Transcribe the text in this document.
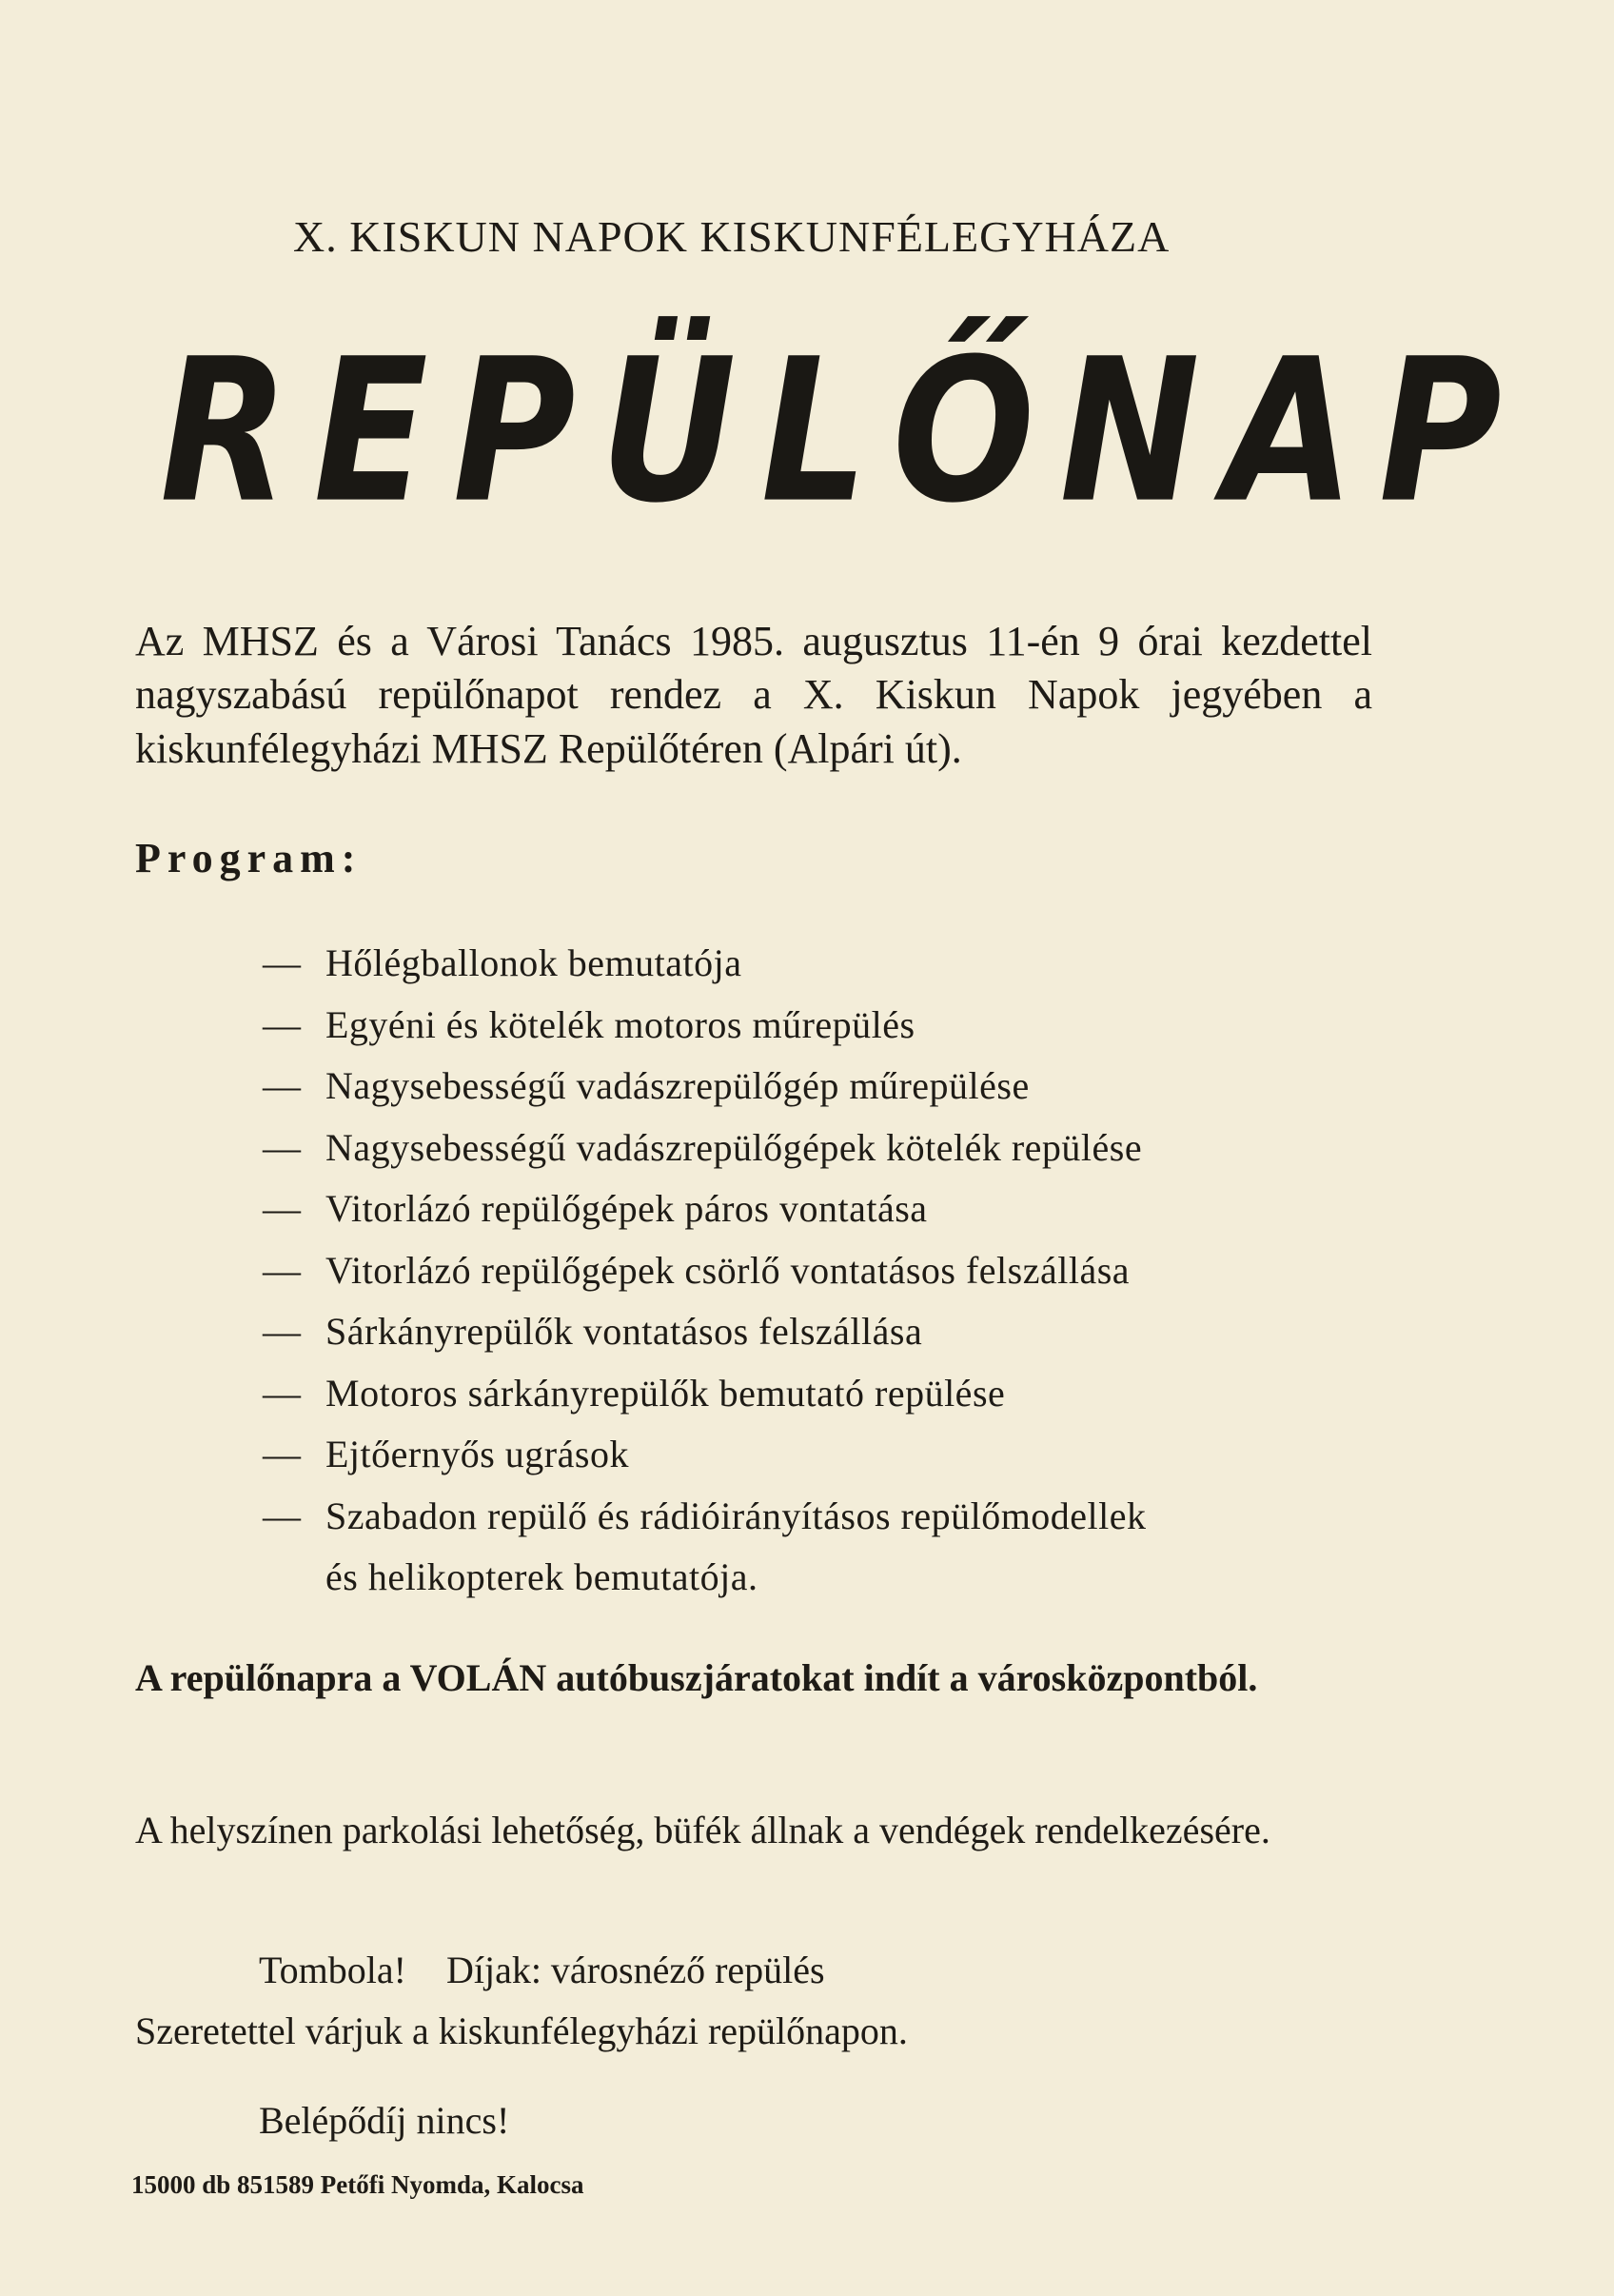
X. KISKUN NAPOK KISKUNFÉLEGYHÁZA
REPÜLŐNAP
Az MHSZ és a Városi Tanács 1985. augusztus 11-én 9 órai kezdettel nagyszabású repülőnapot rendez a X. Kiskun Napok jegyében a kiskunfélegyházi MHSZ Repülőtéren (Alpári út).
Program:
— Hőlégballonok bemutatója
— Egyéni és kötelék motoros műrepülés
— Nagysebességű vadászrepülőgép műrepülése
— Nagysebességű vadászrepülőgépek kötelék repülése
— Vitorlázó repülőgépek páros vontatása
— Vitorlázó repülőgépek csörlő vontatásos felszállása
— Sárkányrepülők vontatásos felszállása
— Motoros sárkányrepülők bemutató repülése
— Ejtőernyős ugrások
— Szabadon repülő és rádióirányításos repülőmodellek
és helikopterek bemutatója.
A repülőnapra a VOLÁN autóbuszjáratokat indít a városközpontból.
A helyszínen parkolási lehetőség, büfék állnak a vendégek rendelkezésére.
Tombola! Díjak: városnéző repülés
Szeretettel várjuk a kiskunfélegyházi repülőnapon.
Belépődíj nincs!
15000 db 851589 Petőfi Nyomda, Kalocsa
